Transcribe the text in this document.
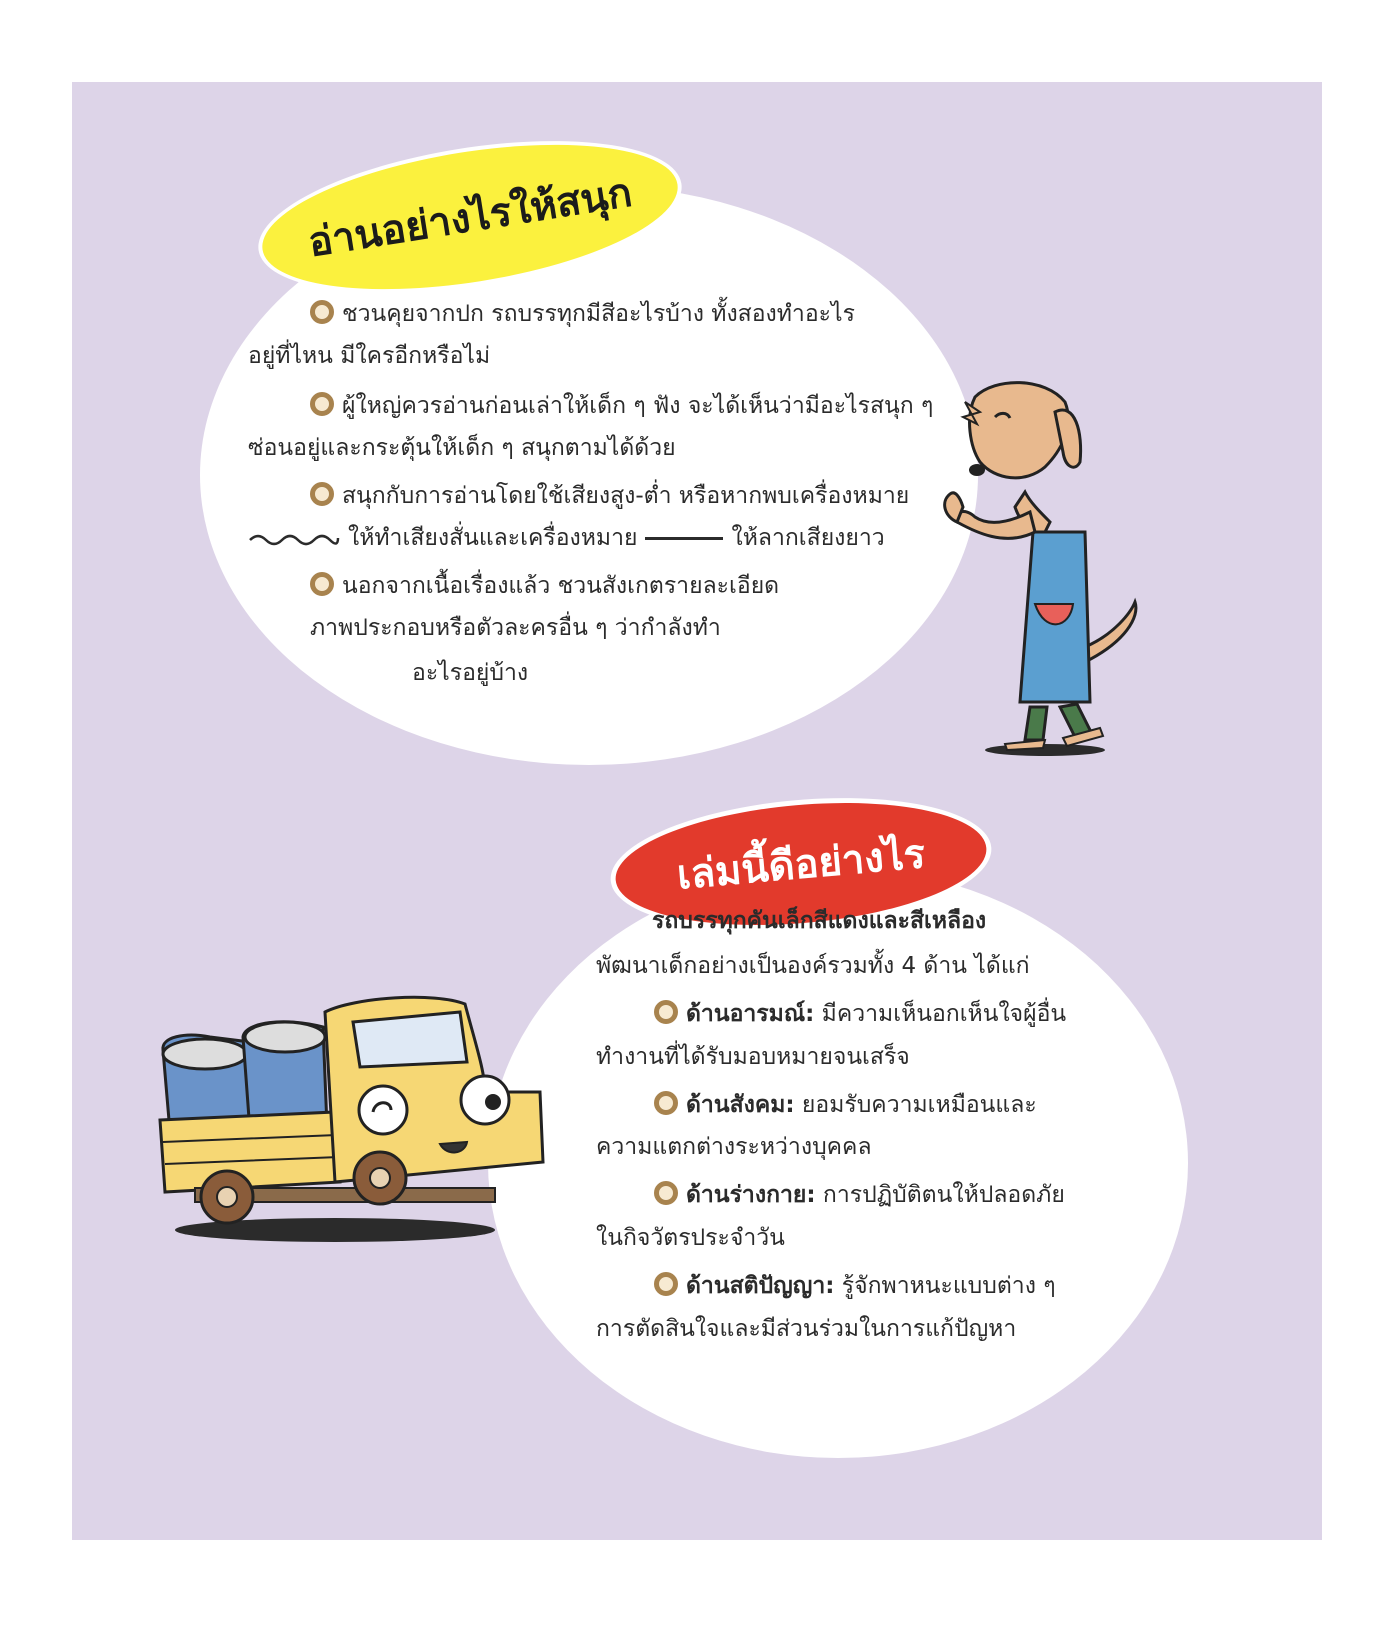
อ่านอย่างไรให้สนุก
ชวนคุยจากปก รถบรรทุกมีสีอะไรบ้าง ทั้งสองทำอะไร
อยู่ที่ไหน มีใครอีกหรือไม่
ผู้ใหญ่ควรอ่านก่อนเล่าให้เด็ก ๆ ฟัง จะได้เห็นว่ามีอะไรสนุก ๆ
ซ่อนอยู่และกระตุ้นให้เด็ก ๆ สนุกตามได้ด้วย
สนุกกับการอ่านโดยใช้เสียงสูง-ต่ำ หรือหากพบเครื่องหมาย
ให้ทำเสียงสั่นและเครื่องหมาย	ให้ลากเสียงยาว
นอกจากเนื้อเรื่องแล้ว ชวนสังเกตรายละเอียด
ภาพประกอบหรือตัวละครอื่น ๆ ว่ากำลังทำ
อะไรอยู่บ้าง
เล่มนี้ดีอย่างไร
รถบรรทุกคันเล็กสีแดงและสีเหลือง
พัฒนาเด็กอย่างเป็นองค์รวมทั้ง 4 ด้าน ได้แก่
ด้านอารมณ์: มีความเห็นอกเห็นใจผู้อื่น
ทำงานที่ได้รับมอบหมายจนเสร็จ
ด้านสังคม: ยอมรับความเหมือนและ
ความแตกต่างระหว่างบุคคล
ด้านร่างกาย: การปฏิบัติตนให้ปลอดภัย
ในกิจวัตรประจำวัน
ด้านสติปัญญา: รู้จักพาหนะแบบต่าง ๆ
การตัดสินใจและมีส่วนร่วมในการแก้ปัญหา
